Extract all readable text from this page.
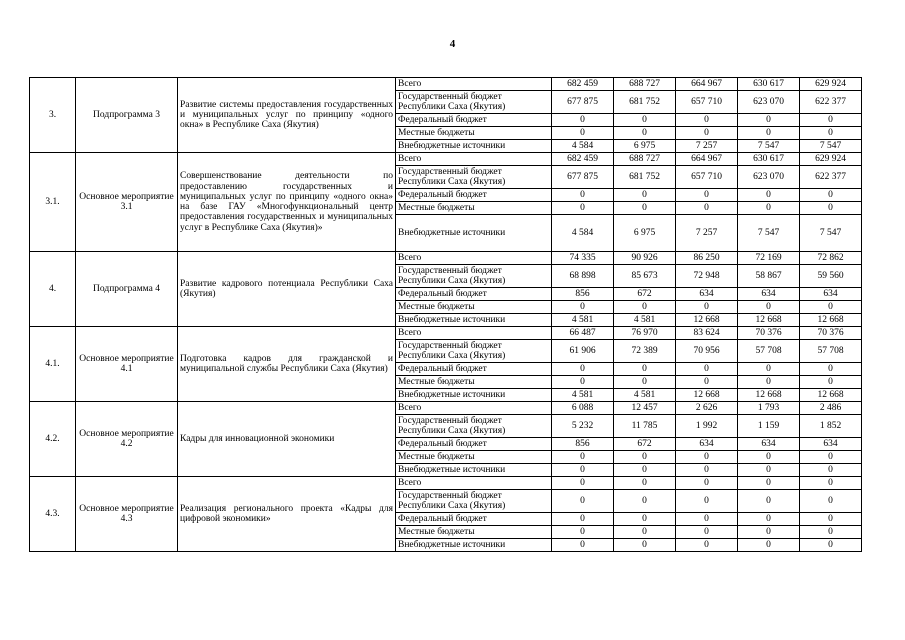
4
3.	Подпрограмма 3	Развитие системы предоставления государственных и муниципальных услуг по принципу «одного окна» в Республике Саха (Якутия)	Всего	682 459	688 727	664 967	630 617	629 924
			Государственный бюджет Республики Саха (Якутия)	677 875	681 752	657 710	623 070	622 377
			Федеральный бюджет	0	0	0	0	0
			Местные бюджеты	0	0	0	0	0
			Внебюджетные источники	4 584	6 975	7 257	7 547	7 547
3.1.	Основное мероприятие 3.1	Совершенствование деятельности по предоставлению государственных и муниципальных услуг по принципу «одного окна» на базе ГАУ «Многофункциональный центр предоставления государственных и муниципальных услуг в Республике Саха (Якутия)»	Всего	682 459	688 727	664 967	630 617	629 924
			Государственный бюджет Республики Саха (Якутия)	677 875	681 752	657 710	623 070	622 377
			Федеральный бюджет	0	0	0	0	0
			Местные бюджеты	0	0	0	0	0
			Внебюджетные источники	4 584	6 975	7 257	7 547	7 547
4.	Подпрограмма 4	Развитие кадрового потенциала Республики Саха (Якутия)	Всего	74 335	90 926	86 250	72 169	72 862
			Государственный бюджет Республики Саха (Якутия)	68 898	85 673	72 948	58 867	59 560
			Федеральный бюджет	856	672	634	634	634
			Местные бюджеты	0	0	0	0	0
			Внебюджетные источники	4 581	4 581	12 668	12 668	12 668
4.1.	Основное мероприятие 4.1	Подготовка кадров для гражданской и муниципальной службы Республики Саха (Якутия)	Всего	66 487	76 970	83 624	70 376	70 376
			Государственный бюджет Республики Саха (Якутия)	61 906	72 389	70 956	57 708	57 708
			Федеральный бюджет	0	0	0	0	0
			Местные бюджеты	0	0	0	0	0
			Внебюджетные источники	4 581	4 581	12 668	12 668	12 668
4.2.	Основное мероприятие 4.2	Кадры для инновационной экономики	Всего	6 088	12 457	2 626	1 793	2 486
			Государственный бюджет Республики Саха (Якутия)	5 232	11 785	1 992	1 159	1 852
			Федеральный бюджет	856	672	634	634	634
			Местные бюджеты	0	0	0	0	0
			Внебюджетные источники	0	0	0	0	0
4.3.	Основное мероприятие 4.3	Реализация регионального проекта «Кадры для цифровой экономики»	Всего	0	0	0	0	0
			Государственный бюджет Республики Саха (Якутия)	0	0	0	0	0
			Федеральный бюджет	0	0	0	0	0
			Местные бюджеты	0	0	0	0	0
			Внебюджетные источники	0	0	0	0	0
